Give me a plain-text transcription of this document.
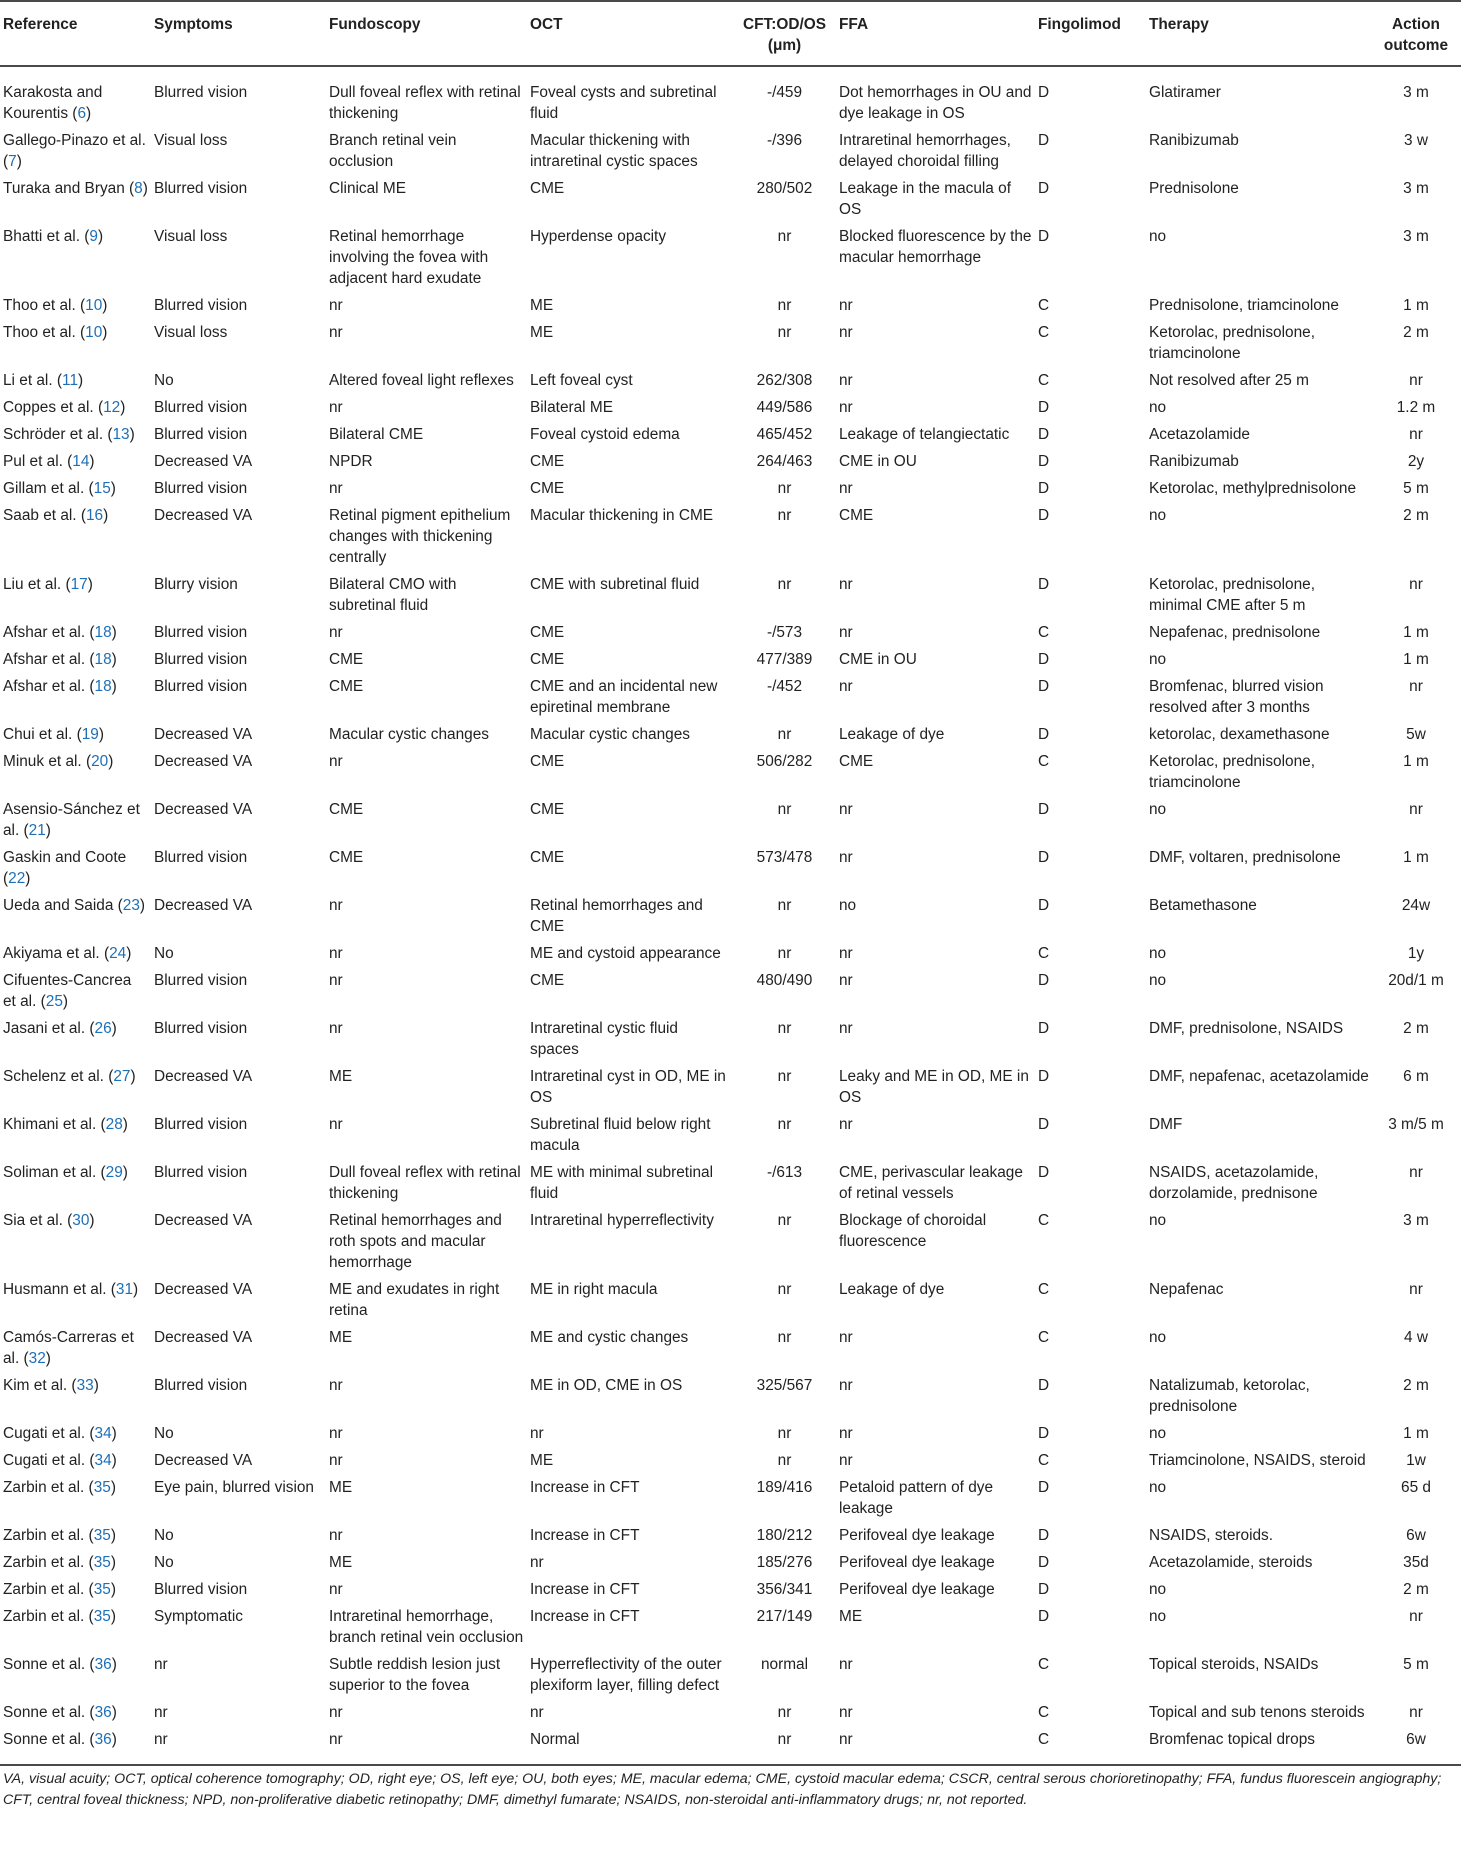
Reference	Symptoms	Fundoscopy	OCT	CFT:OD/OS (μm)	FFA	Fingolimod	Therapy	Action outcome
Karakosta and Kourentis (6)	Blurred vision	Dull foveal reflex with retinal thickening	Foveal cysts and subretinal fluid	-/459	Dot hemorrhages in OU and dye leakage in OS	D	Glatiramer	3 m
Gallego-Pinazo et al. (7)	Visual loss	Branch retinal vein occlusion	Macular thickening with intraretinal cystic spaces	-/396	Intraretinal hemorrhages, delayed choroidal filling	D	Ranibizumab	3 w
Turaka and Bryan (8)	Blurred vision	Clinical ME	CME	280/502	Leakage in the macula of OS	D	Prednisolone	3 m
Bhatti et al. (9)	Visual loss	Retinal hemorrhage involving the fovea with adjacent hard exudate	Hyperdense opacity	nr	Blocked fluorescence by the macular hemorrhage	D	no	3 m
Thoo et al. (10)	Blurred vision	nr	ME	nr	nr	C	Prednisolone, triamcinolone	1 m
Thoo et al. (10)	Visual loss	nr	ME	nr	nr	C	Ketorolac, prednisolone, triamcinolone	2 m
Li et al. (11)	No	Altered foveal light reflexes	Left foveal cyst	262/308	nr	C	Not resolved after 25 m	nr
Coppes et al. (12)	Blurred vision	nr	Bilateral ME	449/586	nr	D	no	1.2 m
Schröder et al. (13)	Blurred vision	Bilateral CME	Foveal cystoid edema	465/452	Leakage of telangiectatic	D	Acetazolamide	nr
Pul et al. (14)	Decreased VA	NPDR	CME	264/463	CME in OU	D	Ranibizumab	2y
Gillam et al. (15)	Blurred vision	nr	CME	nr	nr	D	Ketorolac, methylprednisolone	5 m
Saab et al. (16)	Decreased VA	Retinal pigment epithelium changes with thickening centrally	Macular thickening in CME	nr	CME	D	no	2 m
Liu et al. (17)	Blurry vision	Bilateral CMO with subretinal fluid	CME with subretinal fluid	nr	nr	D	Ketorolac, prednisolone, minimal CME after 5 m	nr
Afshar et al. (18)	Blurred vision	nr	CME	-/573	nr	C	Nepafenac, prednisolone	1 m
Afshar et al. (18)	Blurred vision	CME	CME	477/389	CME in OU	D	no	1 m
Afshar et al. (18)	Blurred vision	CME	CME and an incidental new epiretinal membrane	-/452	nr	D	Bromfenac, blurred vision resolved after 3 months	nr
Chui et al. (19)	Decreased VA	Macular cystic changes	Macular cystic changes	nr	Leakage of dye	D	ketorolac, dexamethasone	5w
Minuk et al. (20)	Decreased VA	nr	CME	506/282	CME	C	Ketorolac, prednisolone, triamcinolone	1 m
Asensio-Sánchez et al. (21)	Decreased VA	CME	CME	nr	nr	D	no	nr
Gaskin and Coote (22)	Blurred vision	CME	CME	573/478	nr	D	DMF, voltaren, prednisolone	1 m
Ueda and Saida (23)	Decreased VA	nr	Retinal hemorrhages and CME	nr	no	D	Betamethasone	24w
Akiyama et al. (24)	No	nr	ME and cystoid appearance	nr	nr	C	no	1y
Cifuentes-Cancrea et al. (25)	Blurred vision	nr	CME	480/490	nr	D	no	20d/1 m
Jasani et al. (26)	Blurred vision	nr	Intraretinal cystic fluid spaces	nr	nr	D	DMF, prednisolone, NSAIDS	2 m
Schelenz et al. (27)	Decreased VA	ME	Intraretinal cyst in OD, ME in OS	nr	Leaky and ME in OD, ME in OS	D	DMF, nepafenac, acetazolamide	6 m
Khimani et al. (28)	Blurred vision	nr	Subretinal fluid below right macula	nr	nr	D	DMF	3 m/5 m
Soliman et al. (29)	Blurred vision	Dull foveal reflex with retinal thickening	ME with minimal subretinal fluid	-/613	CME, perivascular leakage of retinal vessels	D	NSAIDS, acetazolamide, dorzolamide, prednisone	nr
Sia et al. (30)	Decreased VA	Retinal hemorrhages and roth spots and macular hemorrhage	Intraretinal hyperreflectivity	nr	Blockage of choroidal fluorescence	C	no	3 m
Husmann et al. (31)	Decreased VA	ME and exudates in right retina	ME in right macula	nr	Leakage of dye	C	Nepafenac	nr
Camós-Carreras et al. (32)	Decreased VA	ME	ME and cystic changes	nr	nr	C	no	4 w
Kim et al. (33)	Blurred vision	nr	ME in OD, CME in OS	325/567	nr	D	Natalizumab, ketorolac, prednisolone	2 m
Cugati et al. (34)	No	nr	nr	nr	nr	D	no	1 m
Cugati et al. (34)	Decreased VA	nr	ME	nr	nr	C	Triamcinolone, NSAIDS, steroid	1w
Zarbin et al. (35)	Eye pain, blurred vision	ME	Increase in CFT	189/416	Petaloid pattern of dye leakage	D	no	65 d
Zarbin et al. (35)	No	nr	Increase in CFT	180/212	Perifoveal dye leakage	D	NSAIDS, steroids.	6w
Zarbin et al. (35)	No	ME	nr	185/276	Perifoveal dye leakage	D	Acetazolamide, steroids	35d
Zarbin et al. (35)	Blurred vision	nr	Increase in CFT	356/341	Perifoveal dye leakage	D	no	2 m
Zarbin et al. (35)	Symptomatic	Intraretinal hemorrhage, branch retinal vein occlusion	Increase in CFT	217/149	ME	D	no	nr
Sonne et al. (36)	nr	Subtle reddish lesion just superior to the fovea	Hyperreflectivity of the outer plexiform layer, filling defect	normal	nr	C	Topical steroids, NSAIDs	5 m
Sonne et al. (36)	nr	nr	nr	nr	nr	C	Topical and sub tenons steroids	nr
Sonne et al. (36)	nr	nr	Normal	nr	nr	C	Bromfenac topical drops	6w
VA, visual acuity; OCT, optical coherence tomography; OD, right eye; OS, left eye; OU, both eyes; ME, macular edema; CME, cystoid macular edema; CSCR, central serous chorioretinopathy; FFA, fundus fluorescein angiography; CFT, central foveal thickness; NPD, non-proliferative diabetic retinopathy; DMF, dimethyl fumarate; NSAIDS, non-steroidal anti-inflammatory drugs; nr, not reported.
